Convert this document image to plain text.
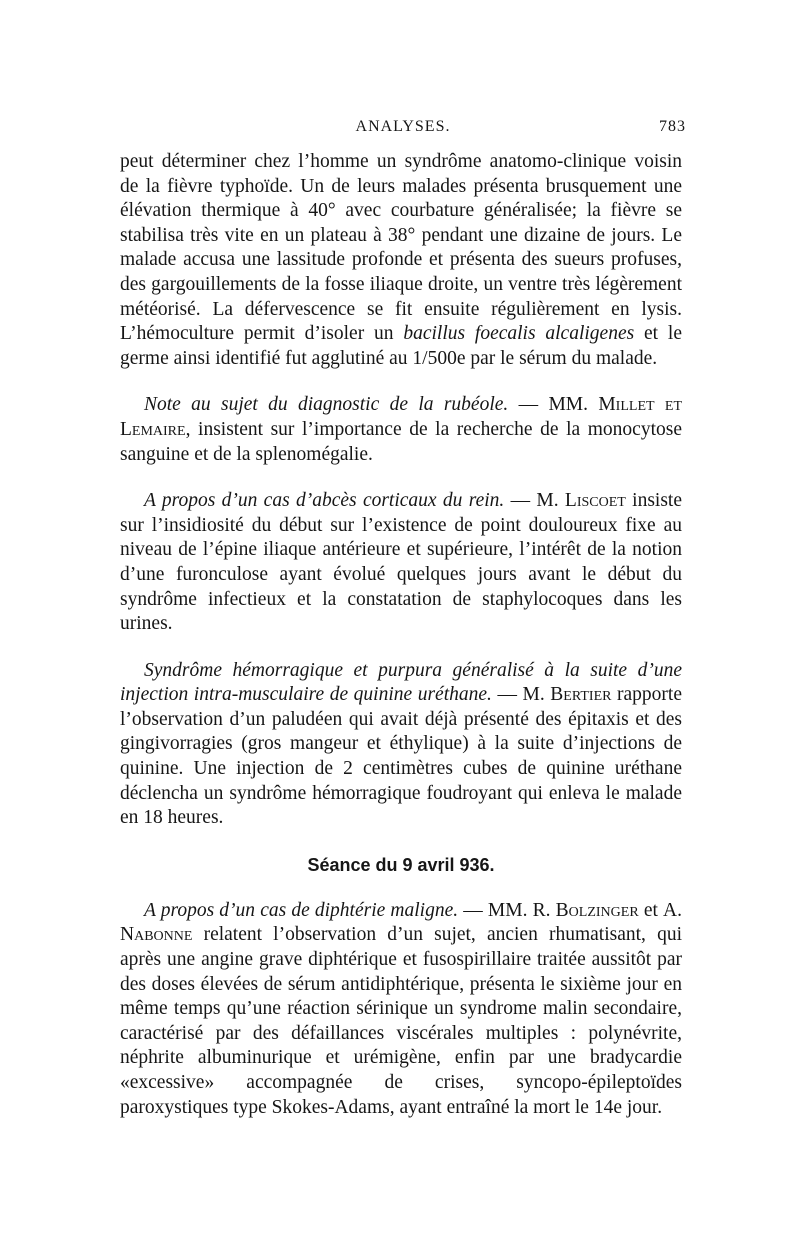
ANALYSES.	783

peut déterminer chez l’homme un syndrôme anatomo-clinique voisin de la fièvre typhoïde. Un de leurs malades présenta brusquement une élévation thermique à 40° avec courbature généralisée; la fièvre se stabilisa très vite en un plateau à 38° pendant une dizaine de jours. Le malade accusa une lassitude profonde et présenta des sueurs profuses, des gargouillements de la fosse iliaque droite, un ventre très légèrement météorisé. La défervescence se fit ensuite régulièrement en lysis. L’hémoculture permit d’isoler un bacillus foecalis alcaligenes et le germe ainsi identifié fut agglutiné au 1/500e par le sérum du malade.

Note au sujet du diagnostic de la rubéole. — MM. Millet et Lemaire, insistent sur l’importance de la recherche de la monocytose sanguine et de la splenomégalie.

A propos d’un cas d’abcès corticaux du rein. — M. Liscoet insiste sur l’insidiosité du début sur l’existence de point douloureux fixe au niveau de l’épine iliaque antérieure et supérieure, l’intérêt de la notion d’une furonculose ayant évolué quelques jours avant le début du syndrôme infectieux et la constatation de staphylocoques dans les urines.

Syndrôme hémorragique et purpura généralisé à la suite d’une injection intra-musculaire de quinine uréthane. — M. Bertier rapporte l’observation d’un paludéen qui avait déjà présenté des épitaxis et des gingivorragies (gros mangeur et éthylique) à la suite d’injections de quinine. Une injection de 2 centimètres cubes de quinine uréthane déclencha un syndrôme hémorragique foudroyant qui enleva le malade en 18 heures.

Séance du 9 avril 936.

A propos d’un cas de diphtérie maligne. — MM. R. Bolzinger et A. Nabonne relatent l’observation d’un sujet, ancien rhumatisant, qui après une angine grave diphtérique et fusospirillaire traitée aussitôt par des doses élevées de sérum antidiphtérique, présenta le sixième jour en même temps qu’une réaction sérinique un syndrome malin secondaire, caractérisé par des défaillances viscérales multiples : polynévrite, néphrite albuminurique et urémigène, enfin par une bradycardie «excessive» accompagnée de crises, syncopo-épileptoïdes paroxystiques type Skokes-Adams, ayant entraîné la mort le 14e jour.
